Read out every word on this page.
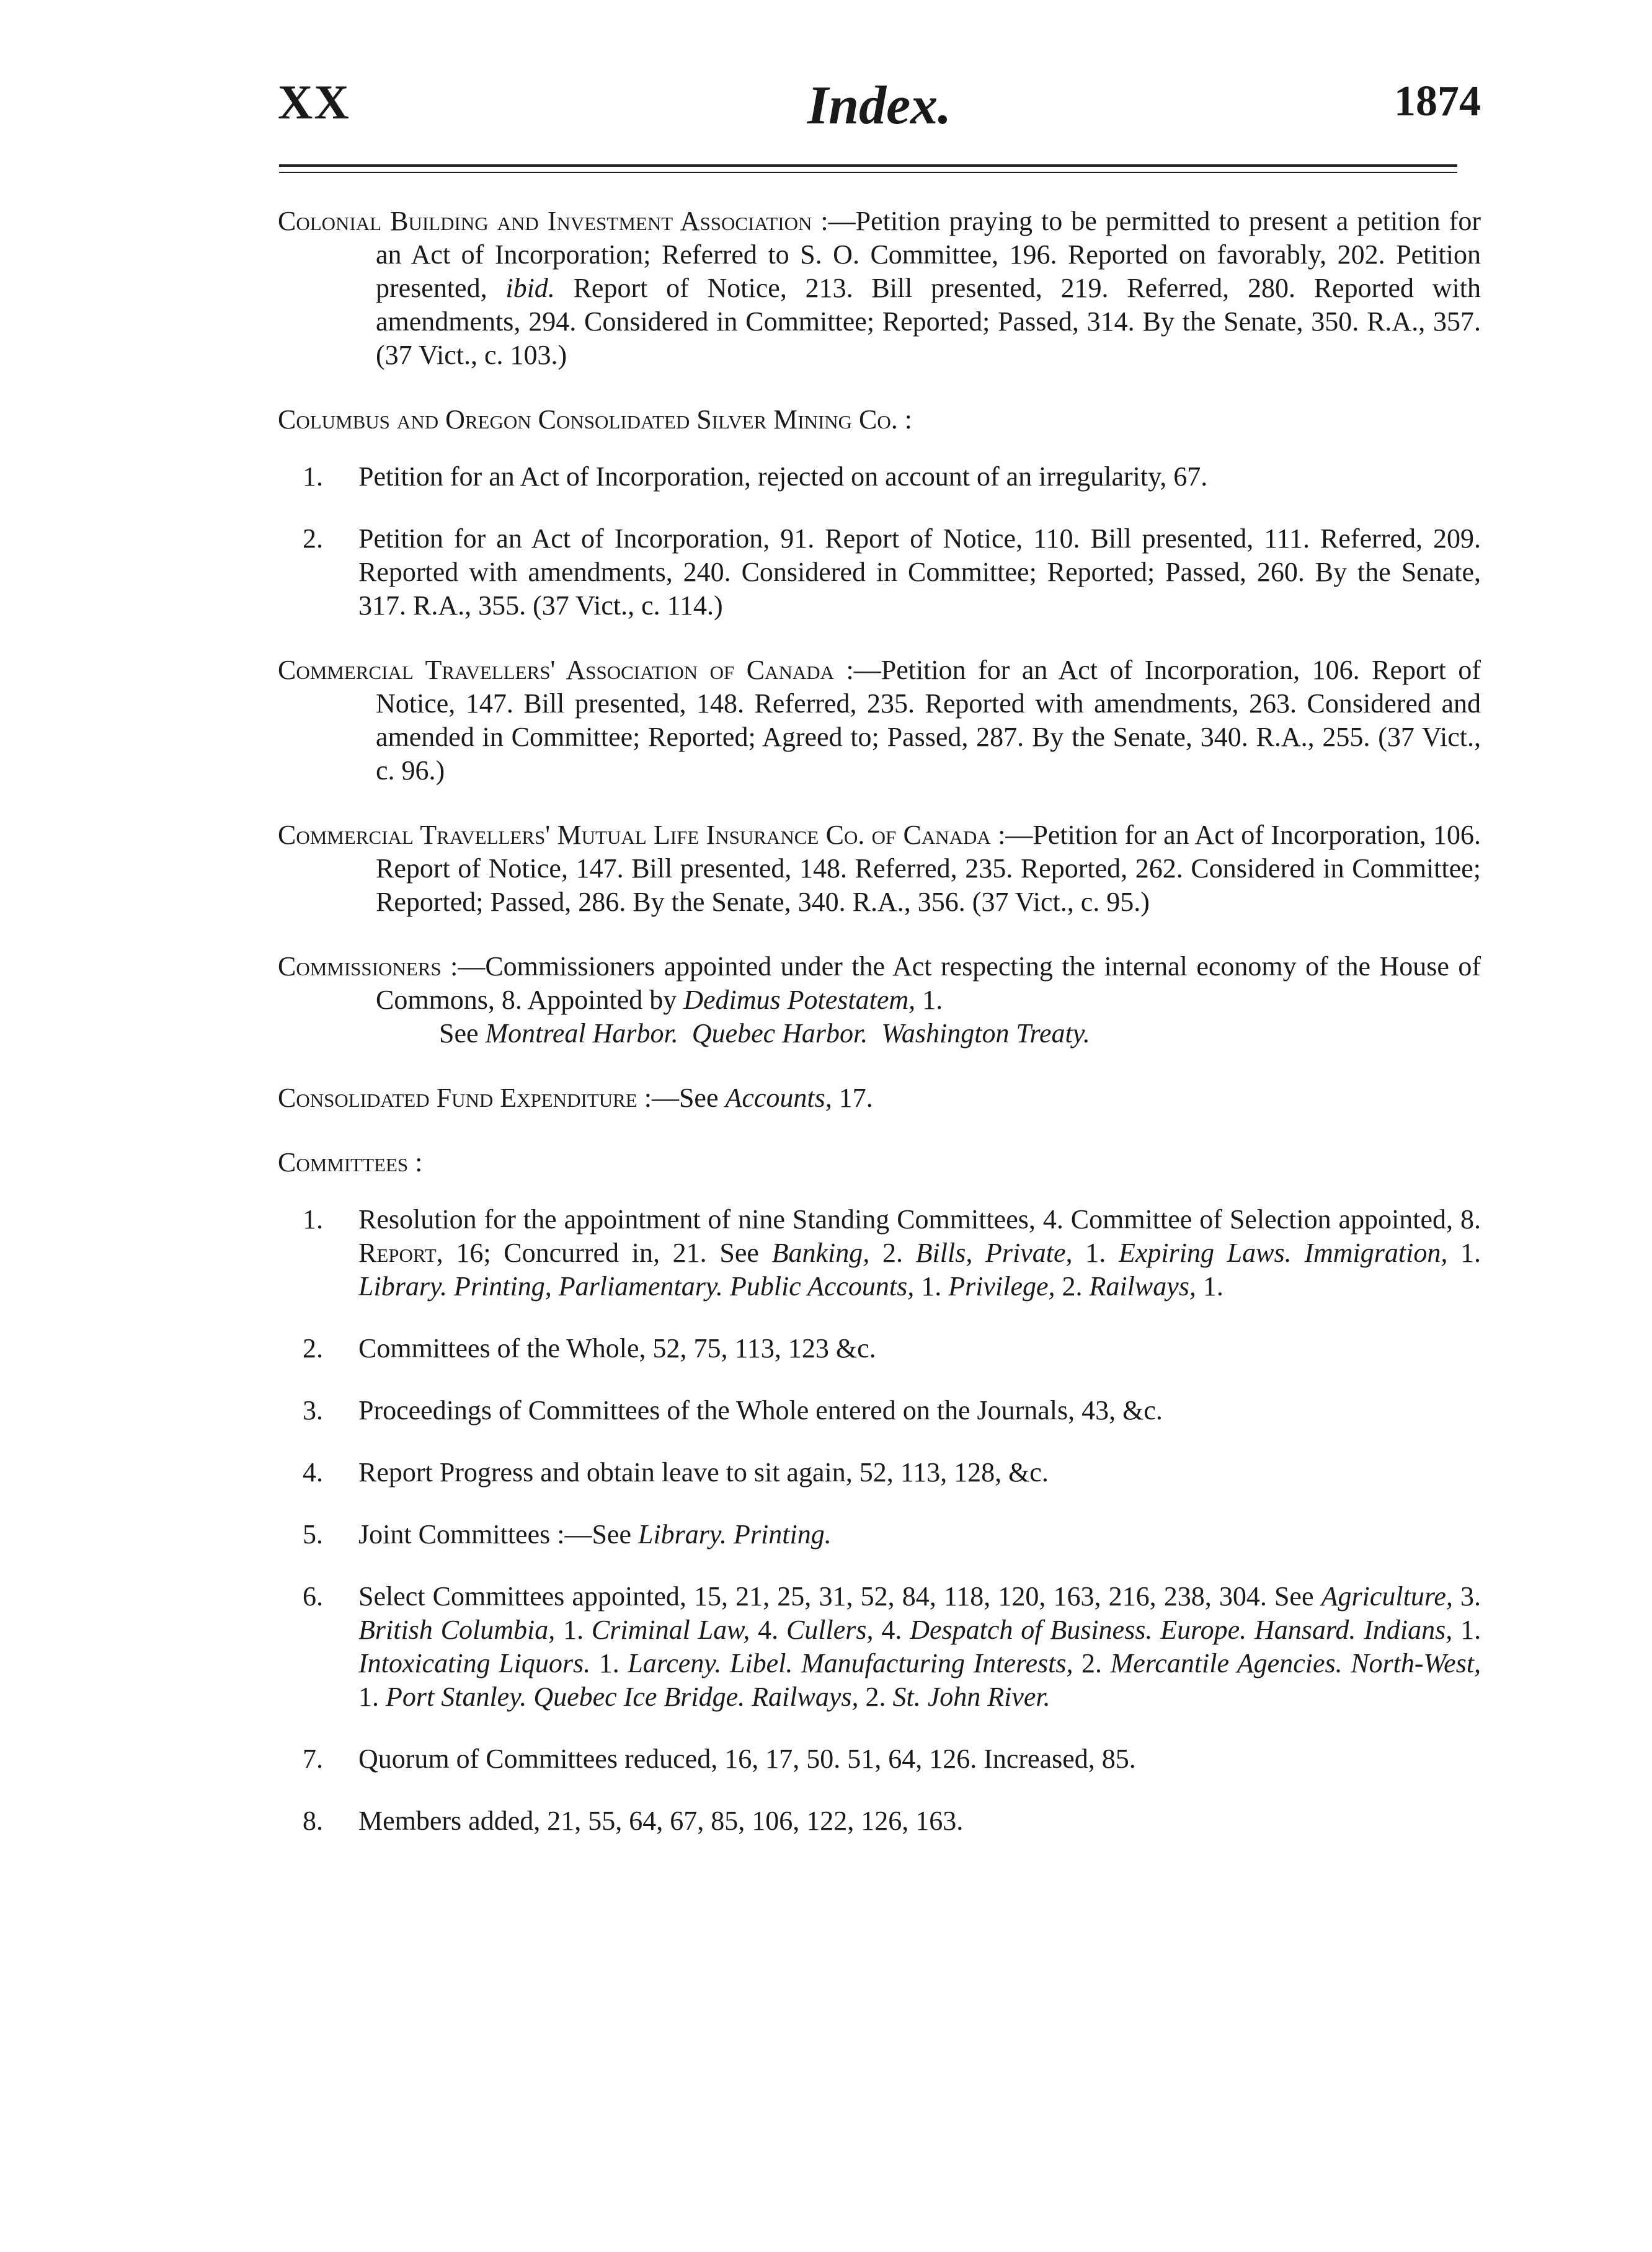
XX	Index.	1874

Colonial Building and Investment Association :—Petition praying to be permitted to present a petition for an Act of Incorporation; Referred to S. O. Committee, 196. Reported on favorably, 202. Petition presented, ibid. Report of Notice, 213. Bill presented, 219. Referred, 280. Reported with amendments, 294. Considered in Committee; Reported; Passed, 314. By the Senate, 350. R.A., 357. (37 Vict., c. 103.)

Columbus and Oregon Consolidated Silver Mining Co. :
1. Petition for an Act of Incorporation, rejected on account of an irregularity, 67.
2. Petition for an Act of Incorporation, 91. Report of Notice, 110. Bill presented, 111. Referred, 209. Reported with amendments, 240. Considered in Committee; Reported; Passed, 260. By the Senate, 317. R.A., 355. (37 Vict., c. 114.)

Commercial Travellers' Association of Canada :—Petition for an Act of Incorporation, 106. Report of Notice, 147. Bill presented, 148. Referred, 235. Reported with amendments, 263. Considered and amended in Committee; Reported; Agreed to; Passed, 287. By the Senate, 340. R.A., 255. (37 Vict., c. 96.)

Commercial Travellers' Mutual Life Insurance Co. of Canada :—Petition for an Act of Incorporation, 106. Report of Notice, 147. Bill presented, 148. Referred, 235. Reported, 262. Considered in Committee; Reported; Passed, 286. By the Senate, 340. R.A., 356. (37 Vict., c. 95.)

Commissioners :—Commissioners appointed under the Act respecting the internal economy of the House of Commons, 8. Appointed by Dedimus Potestatem, 1.

See Montreal Harbor. Quebec Harbor. Washington Treaty.

Consolidated Fund Expenditure :—See Accounts, 17.

Committees :
1. Resolution for the appointment of nine Standing Committees, 4. Committee of Selection appointed, 8. Report, 16; Concurred in, 21. See Banking, 2. Bills, Private, 1. Expiring Laws. Immigration, 1. Library. Printing, Parliamentary. Public Accounts, 1. Privilege, 2. Railways, 1.
2. Committees of the Whole, 52, 75, 113, 123 &c.
3. Proceedings of Committees of the Whole entered on the Journals, 43, &c.
4. Report Progress and obtain leave to sit again, 52, 113, 128, &c.
5. Joint Committees :—See Library. Printing.
6. Select Committees appointed, 15, 21, 25, 31, 52, 84, 118, 120, 163, 216, 238, 304. See Agriculture, 3. British Columbia, 1. Criminal Law, 4. Cullers, 4. Despatch of Business. Europe. Hansard. Indians, 1. Intoxicating Liquors. 1. Larceny. Libel. Manufacturing Interests, 2. Mercantile Agencies. North-West, 1. Port Stanley. Quebec Ice Bridge. Railways, 2. St. John River.
7. Quorum of Committees reduced, 16, 17, 50. 51, 64, 126. Increased, 85.
8. Members added, 21, 55, 64, 67, 85, 106, 122, 126, 163.
